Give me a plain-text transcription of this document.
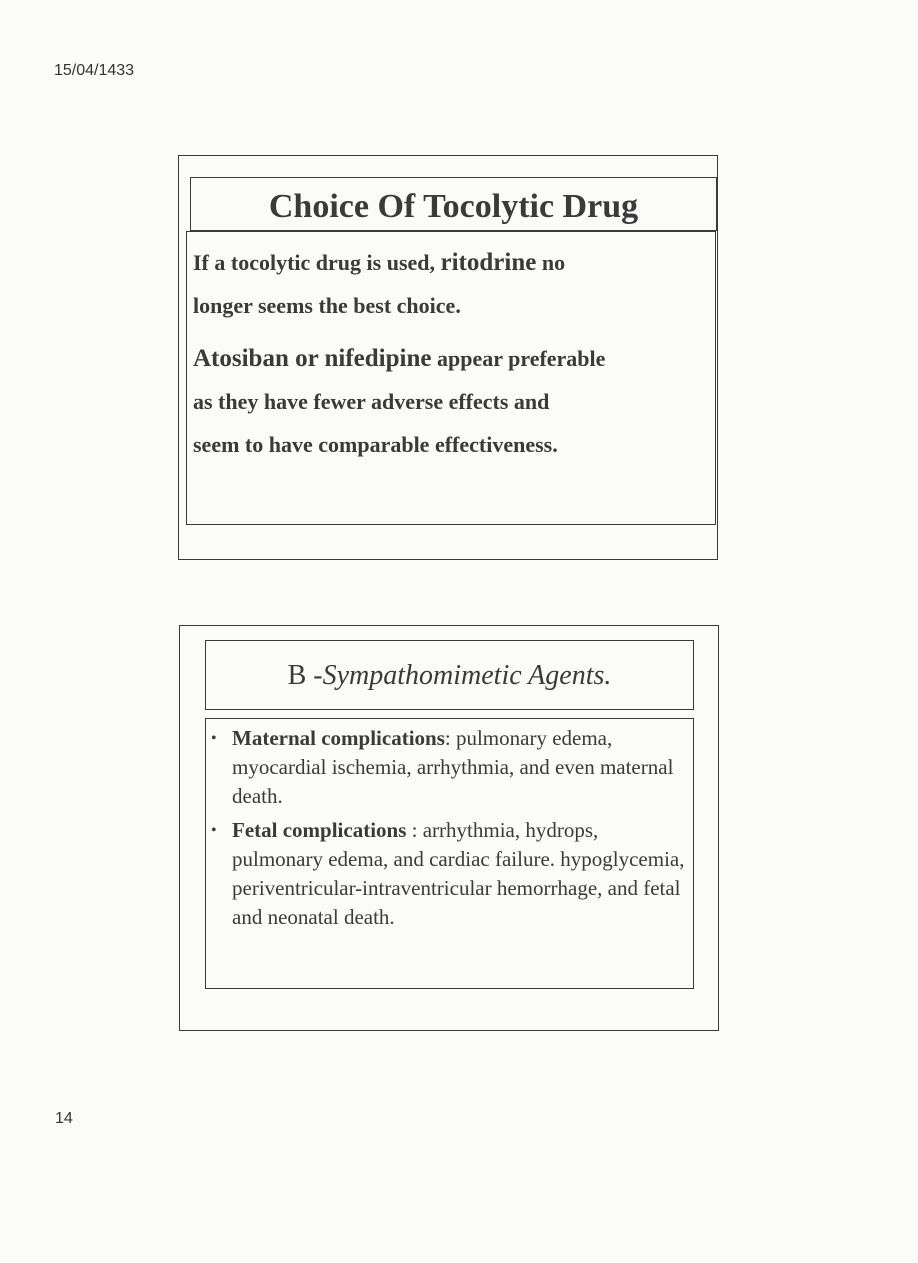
15/04/1433
Choice Of Tocolytic Drug

If a tocolytic drug is used, ritodrine no
longer seems the best choice.

Atosiban or nifedipine appear preferable
as they have fewer adverse effects and
seem to have comparable effectiveness.

B -Sympathomimetic Agents.

• Maternal complications: pulmonary edema, myocardial ischemia, arrhythmia, and even maternal death.

• Fetal complications : arrhythmia, hydrops, pulmonary edema, and cardiac failure. hypoglycemia, periventricular-intraventricular hemorrhage, and fetal and neonatal death.

14
